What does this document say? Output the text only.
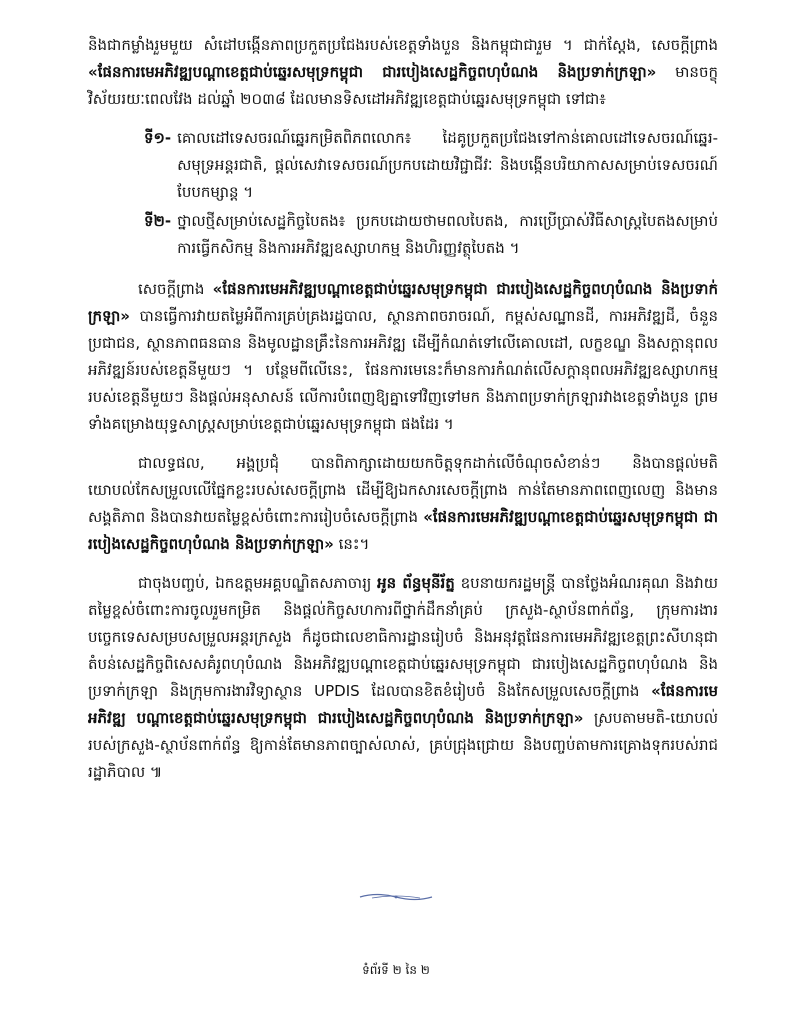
និងជាកម្លាំងរួមមួយ សំដៅបង្កើនភាពប្រកួតប្រជែងរបស់ខេត្តទាំងបួន និងកម្ពុជាជារួម ។ ជាក់ស្តែង, សេចក្តីព្រាង «ផែនការមេអភិវឌ្ឍបណ្តាខេត្តជាប់ឆ្នេរសមុទ្រកម្ពុជា ជារបៀងសេដ្ឋកិច្ចពហុបំណង និងប្រទាក់ក្រឡា» មានចក្ខុវិស័យរយៈពេលវែង ដល់ឆ្នាំ ២០៣៨ ដែលមានទិសដៅអភិវឌ្ឍខេត្តជាប់ឆ្នេរសមុទ្រកម្ពុជា ទៅជា៖

ទី១- គោលដៅទេសចរណ៍ឆ្នេរកម្រិតពិភពលោក៖ ដៃគូប្រកួតប្រជែងទៅកាន់គោលដៅទេសចរណ៍ឆ្នេរ-សមុទ្រអន្តរជាតិ, ផ្តល់សេវាទេសចរណ៍ប្រកបដោយវិជ្ជាជីវៈ និងបង្កើនបរិយាកាសសម្រាប់ទេសចរណ៍បែបកម្សាន្ត ។
ទី២- ថ្នាលថ្មីសម្រាប់សេដ្ឋកិច្ចបៃតង៖ ប្រកបដោយថាមពលបៃតង, ការប្រើប្រាស់វិធីសាស្ត្របៃតងសម្រាប់ការធ្វើកសិកម្ម និងការអភិវឌ្ឍឧស្សាហកម្ម និងហិរញ្ញវត្ថុបៃតង ។

សេចក្តីព្រាង «ផែនការមេអភិវឌ្ឍបណ្តាខេត្តជាប់ឆ្នេរសមុទ្រកម្ពុជា ជារបៀងសេដ្ឋកិច្ចពហុបំណង និងប្រទាក់ក្រឡា» បានធ្វើការវាយតម្លៃអំពីការគ្រប់គ្រងរដ្ឋបាល, ស្ថានភាពចរាចរណ៍, កម្ពស់សណ្ឋានដី, ការអភិវឌ្ឍដី, ចំនួនប្រជាជន, ស្ថានភាពធនធាន និងមូលដ្ឋានគ្រឹះនៃការអភិវឌ្ឍ ដើម្បីកំណត់ទៅលើគោលដៅ, លក្ខខណ្ឌ និងសក្តានុពលអភិវឌ្ឍន៍របស់ខេត្តនីមួយៗ ។ បន្ថែមពីលើនេះ, ផែនការមេនេះក៏មានការកំណត់លើសក្តានុពលអភិវឌ្ឍឧស្សាហកម្មរបស់ខេត្តនីមួយៗ និងផ្តល់អនុសាសន៍ លើការបំពេញឱ្យគ្នាទៅវិញទៅមក និងភាពប្រទាក់ក្រឡារវាងខេត្តទាំងបួន ព្រមទាំងគម្រោងយុទ្ធសាស្ត្រសម្រាប់ខេត្តជាប់ឆ្នេរសមុទ្រកម្ពុជា ផងដែរ ។

ជាលទ្ធផល, អង្គប្រជុំ បានពិភាក្សាដោយយកចិត្តទុកដាក់លើចំណុចសំខាន់ៗ និងបានផ្តល់មតិយោបល់កែសម្រួលលើផ្នែកខ្លះរបស់សេចក្តីព្រាង ដើម្បីឱ្យឯកសារសេចក្តីព្រាង កាន់តែមានភាពពេញលេញ និងមានសង្គតិភាព និងបានវាយតម្លៃខ្ពស់ចំពោះការរៀបចំសេចក្តីព្រាង «ផែនការមេអភិវឌ្ឍបណ្តាខេត្តជាប់ឆ្នេរសមុទ្រកម្ពុជា ជារបៀងសេដ្ឋកិច្ចពហុបំណង និងប្រទាក់ក្រឡា» នេះ។

ជាចុងបញ្ចប់, ឯកឧត្តមអគ្គបណ្ឌិតសភាចារ្យ អូន ព័ន្ធមុនីរ័ត្ន ឧបនាយករដ្ឋមន្ត្រី បានថ្លែងអំណរគុណ និងវាយតម្លៃខ្ពស់ចំពោះការចូលរួមកម្រិត និងផ្តល់កិច្ចសហការពីថ្នាក់ដឹកនាំគ្រប់ ក្រសួង-ស្ថាប័នពាក់ព័ន្ធ, ក្រុមការងារបច្ចេកទេសសម្របសម្រួលអន្តរក្រសួង ក៏ដូចជាលេខាធិការដ្ឋានរៀបចំ និងអនុវត្តផែនការមេអភិវឌ្ឍខេត្តព្រះសីហនុជាតំបន់សេដ្ឋកិច្ចពិសេសគំរូពហុបំណង និងអភិវឌ្ឍបណ្តាខេត្តជាប់ឆ្នេរសមុទ្រកម្ពុជា ជារបៀងសេដ្ឋកិច្ចពហុបំណង និងប្រទាក់ក្រឡា និងក្រុមការងារវិទ្យាស្ថាន UPDIS ដែលបានខិតខំរៀបចំ និងកែសម្រួលសេចក្តីព្រាង «ផែនការមេអភិវឌ្ឍ បណ្តាខេត្តជាប់ឆ្នេរសមុទ្រកម្ពុជា ជារបៀងសេដ្ឋកិច្ចពហុបំណង និងប្រទាក់ក្រឡា» ស្របតាមមតិ-យោបល់របស់ក្រសួង-ស្ថាប័នពាក់ព័ន្ធ ឱ្យកាន់តែមានភាពច្បាស់លាស់, គ្រប់ជ្រុងជ្រោយ និងបញ្ចប់តាមការគ្រោងទុករបស់រាជរដ្ឋាភិបាល ៕

ទំព័រទី ២ នៃ ២
